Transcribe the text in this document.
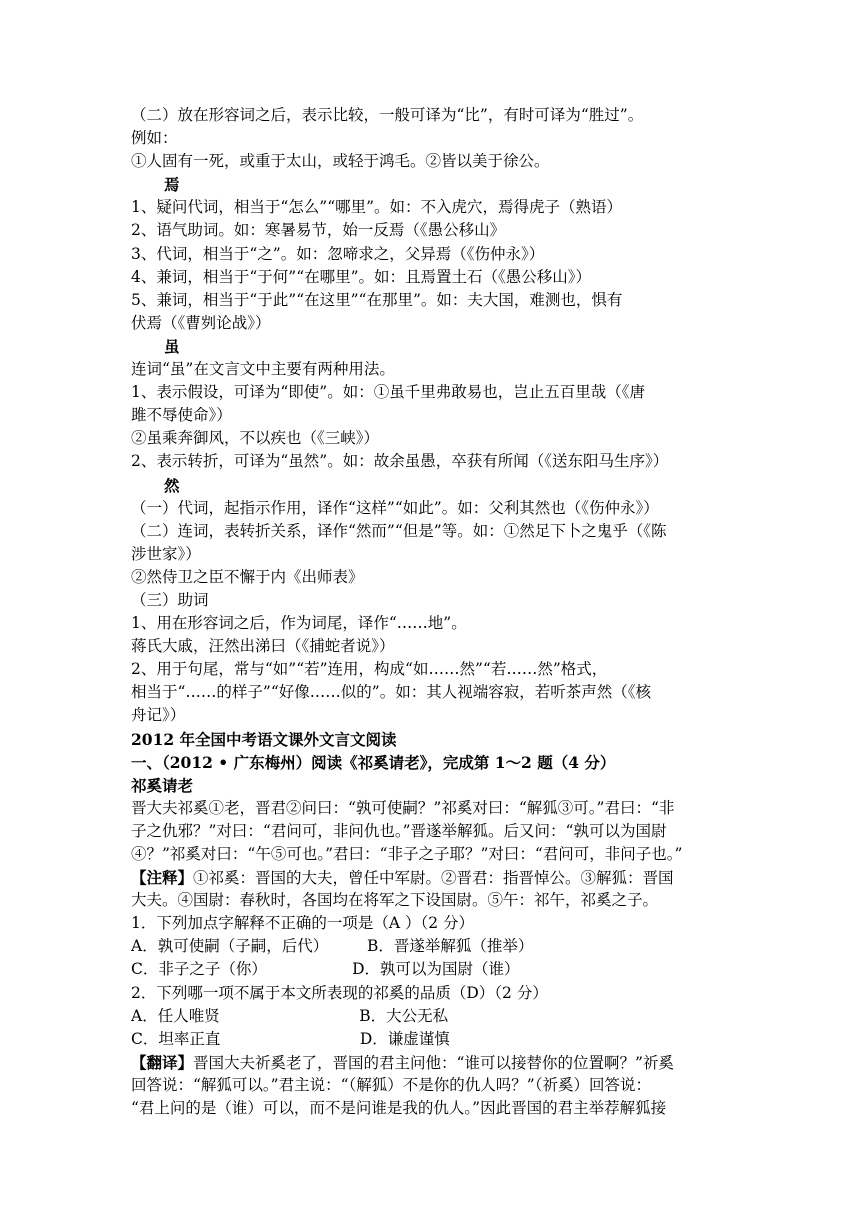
（二）放在形容词之后，表示比较，一般可译为“比”，有时可译为“胜过”。
例如：
①人固有一死，或重于太山，或轻于鸿毛。②皆以美于徐公。
焉
1、疑问代词，相当于“怎么”“哪里”。如：不入虎穴，焉得虎子（熟语）
2、语气助词。如：寒暑易节，始一反焉（《愚公移山》
3、代词，相当于“之”。如：忽啼求之，父异焉（《伤仲永》）
4、兼词，相当于“于何”“在哪里”。如：且焉置土石（《愚公移山》）
5、兼词，相当于“于此”“在这里”“在那里”。如：夫大国，难测也，惧有
伏焉（《曹刿论战》）
虽
连词“虽”在文言文中主要有两种用法。
1、表示假设，可译为“即使”。如：①虽千里弗敢易也，岂止五百里哉（《唐
雎不辱使命》）
②虽乘奔御风，不以疾也（《三峡》）
2、表示转折，可译为“虽然”。如：故余虽愚，卒获有所闻（《送东阳马生序》）
然
（一）代词，起指示作用，译作“这样”“如此”。如：父利其然也（《伤仲永》）
（二）连词，表转折关系，译作“然而”“但是”等。如：①然足下卜之鬼乎（《陈
涉世家》）
②然侍卫之臣不懈于内《出师表》
（三）助词
1、用在形容词之后，作为词尾，译作“……地”。
蒋氏大戚，汪然出涕曰（《捕蛇者说》）
2、用于句尾，常与“如”“若”连用，构成“如……然”“若……然”格式，
相当于“……的样子”“好像……似的”。如：其人视端容寂，若听茶声然（《核
舟记》）
2012 年全国中考语文课外文言文阅读
一、（2012 • 广东梅州）阅读《祁奚请老》，完成第 1～2 题（4 分）
祁奚请老
晋大夫祁奚①老，晋君②问曰：“孰可使嗣？”祁奚对曰：“解狐③可。”君曰：“非
子之仇邪？”对曰：“君问可，非问仇也。”晋遂举解狐。后又问：“孰可以为国尉
④？”祁奚对曰：“午⑤可也。”君曰：“非子之子耶？”对曰：“君问可，非问子也。”
【注释】①祁奚：晋国的大夫，曾任中军尉。②晋君：指晋悼公。③解狐：晋国
大夫。④国尉：春秋时，各国均在将军之下设国尉。⑤午：祁午，祁奚之子。
1．下列加点字解释不正确的一项是（A ）（2 分）
A．孰可使嗣（子嗣，后代）　　　B．晋遂举解狐（推举）
C．非子之子（你）　　　　　　D．孰可以为国尉（谁）
2．下列哪一项不属于本文所表现的祁奚的品质（D）（2 分）
A．任人唯贤　　　　　　　　　B．大公无私
C．坦率正直　　　　　　　　　D．谦虚谨慎
【翻译】晋国大夫祈奚老了，晋国的君主问他：“谁可以接替你的位置啊？”祈奚
回答说：“解狐可以。”君主说：“（解狐）不是你的仇人吗？”（祈奚）回答说：
“君上问的是（谁）可以，而不是问谁是我的仇人。”因此晋国的君主举荐解狐接
